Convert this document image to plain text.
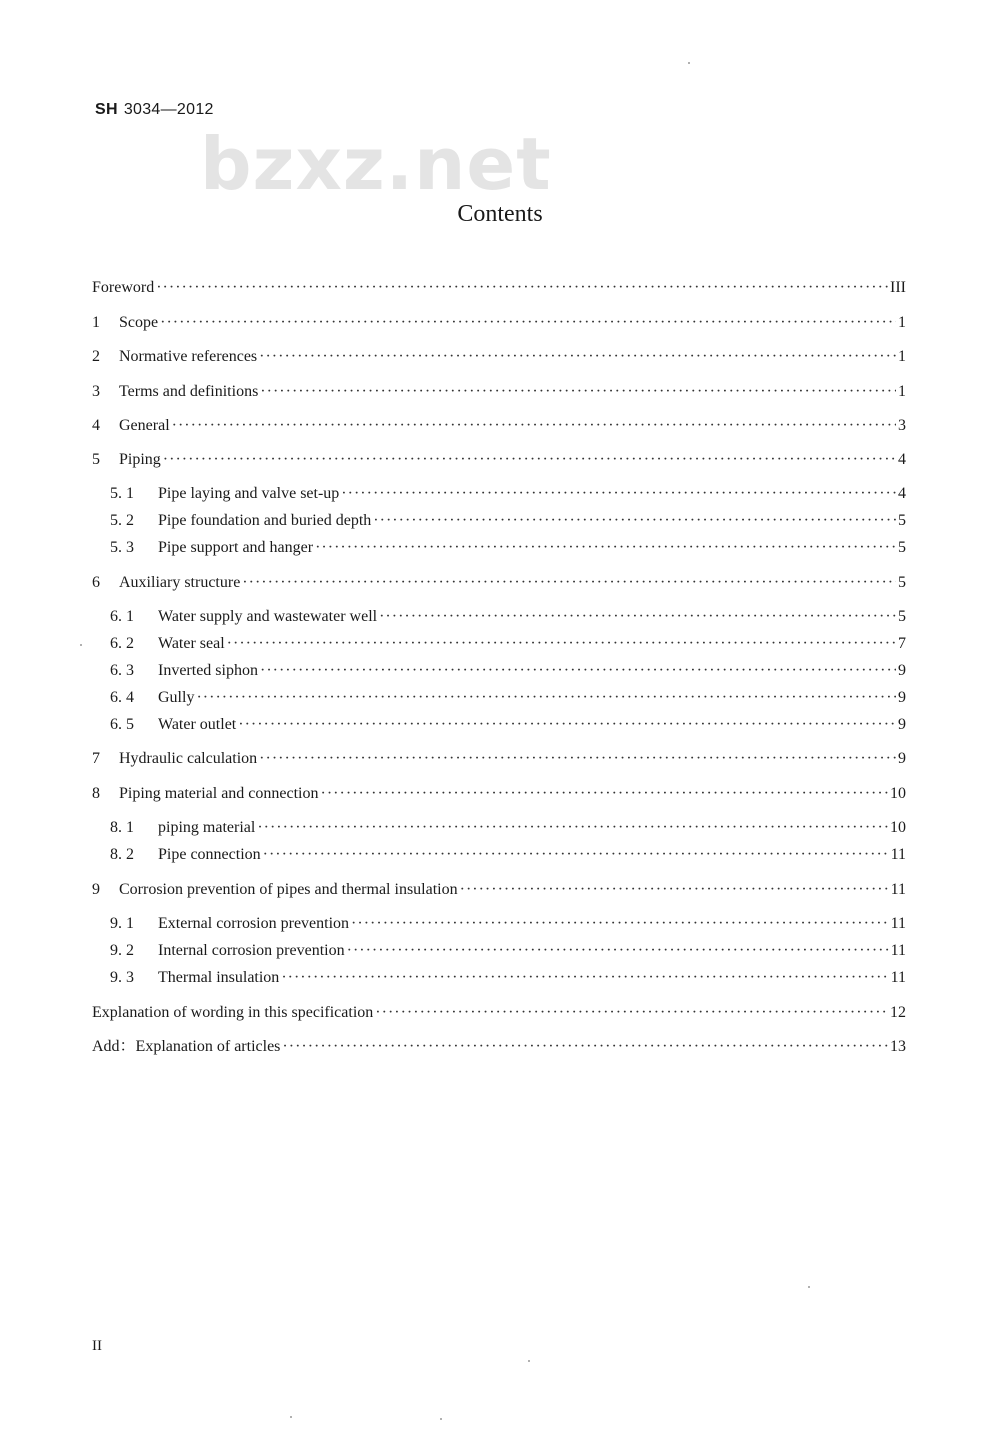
SH 3034—2012
bzxz.net
Contents
Foreword ·····	III
1	Scope ·····	1
2	Normative references ·····	1
3	Terms and definitions ·····	1
4	General ·····	3
5	Piping ·····	4
5. 1	Pipe laying and valve set-up ·····	4
5. 2	Pipe foundation and buried depth ·····	5
5. 3	Pipe support and hanger ·····	5
6	Auxiliary structure ·····	5
6. 1	Water supply and wastewater well ·····	5
6. 2	Water seal ·····	7
6. 3	Inverted siphon ·····	9
6. 4	Gully ·····	9
6. 5	Water outlet ·····	9
7	Hydraulic calculation ·····	9
8	Piping material and connection ·····	10
8. 1	piping material ·····	10
8. 2	Pipe connection ·····	11
9	Corrosion prevention of pipes and thermal insulation ·····	11
9. 1	External corrosion prevention ·····	11
9. 2	Internal corrosion prevention ·····	11
9. 3	Thermal insulation ·····	11
Explanation of wording in this specification ·····	12
Add：Explanation of articles ·····	13
II
